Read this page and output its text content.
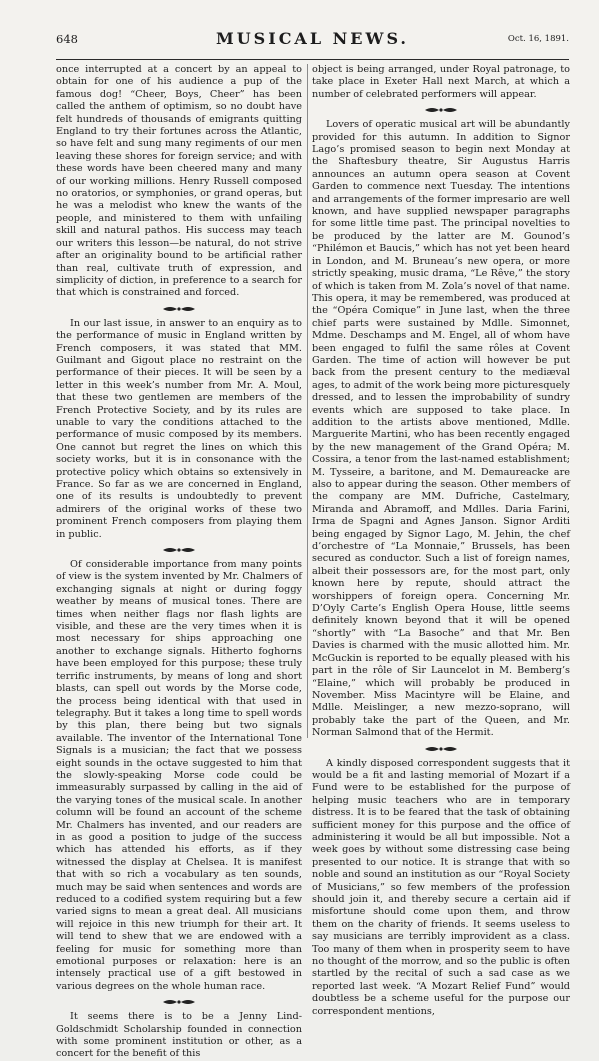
648	MUSICAL NEWS.	Oct. 16, 1891.

once interrupted at a concert by an appeal to obtain for one of his audience a pup of the famous dog! “Cheer, Boys, Cheer” has been called the anthem of optimism, so no doubt have felt hundreds of thousands of emigrants quitting England to try their fortunes across the Atlantic, so have felt and sung many regiments of our men leaving these shores for foreign service; and with these words have been cheered many and many of our working millions. Henry Russell composed no oratorios, or symphonies, or grand operas, but he was a melodist who knew the wants of the people, and ministered to them with unfailing skill and natural pathos. His success may teach our writers this lesson—be natural, do not strive after an originality bound to be artificial rather than real, cultivate truth of expression, and simplicity of diction, in preference to a search for that which is constrained and forced.

In our last issue, in answer to an enquiry as to the performance of music in England written by French composers, it was stated that MM. Guilmant and Gigout place no restraint on the performance of their pieces. It will be seen by a letter in this week’s number from Mr. A. Moul, that these two gentlemen are members of the French Protective Society, and by its rules are unable to vary the conditions attached to the performance of music composed by its members. One cannot but regret the lines on which this society works, but it is in consonance with the protective policy which obtains so extensively in France. So far as we are concerned in England, one of its results is undoubtedly to prevent admirers of the original works of these two prominent French composers from playing them in public.

Of considerable importance from many points of view is the system invented by Mr. Chalmers of exchanging signals at night or during foggy weather by means of musical tones. There are times when neither flags nor flash lights are visible, and these are the very times when it is most necessary for ships approaching one another to exchange signals. Hitherto foghorns have been employed for this purpose; these truly terrific instruments, by means of long and short blasts, can spell out words by the Morse code, the process being identical with that used in telegraphy. But it takes a long time to spell words by this plan, there being but two signals available. The inventor of the International Tone Signals is a musician; the fact that we possess eight sounds in the octave suggested to him that the slowly-speaking Morse code could be immeasurably surpassed by calling in the aid of the varying tones of the musical scale. In another column will be found an account of the scheme Mr. Chalmers has invented, and our readers are in as good a position to judge of the success which has attended his efforts, as if they witnessed the display at Chelsea. It is manifest that with so rich a vocabulary as ten sounds, much may be said when sentences and words are reduced to a codified system requiring but a few varied signs to mean a great deal. All musicians will rejoice in this new triumph for their art. It will tend to shew that we are endowed with a feeling for music for something more than emotional purposes or relaxation: here is an intensely practical use of a gift bestowed in various degrees on the whole human race.

It seems there is to be a Jenny Lind-Goldschmidt Scholarship founded in connection with some prominent institution or other, as a concert for the benefit of this

object is being arranged, under Royal patronage, to take place in Exeter Hall next March, at which a number of celebrated performers will appear.

Lovers of operatic musical art will be abundantly provided for this autumn. In addition to Signor Lago’s promised season to begin next Monday at the Shaftesbury theatre, Sir Augustus Harris announces an autumn opera season at Covent Garden to commence next Tuesday. The intentions and arrangements of the former impresario are well known, and have supplied newspaper paragraphs for some little time past. The principal novelties to be produced by the latter are M. Gounod’s “Philémon et Baucis,” which has not yet been heard in London, and M. Bruneau’s new opera, or more strictly speaking, music drama, “Le Rêve,” the story of which is taken from M. Zola’s novel of that name. This opera, it may be remembered, was produced at the “Opéra Comique” in June last, when the three chief parts were sustained by Mdlle. Simonnet, Mdme. Deschamps and M. Engel, all of whom have been engaged to fulfil the same rôles at Covent Garden. The time of action will however be put back from the present century to the mediæval ages, to admit of the work being more picturesquely dressed, and to lessen the improbability of sundry events which are supposed to take place. In addition to the artists above mentioned, Mdlle. Marguerite Martini, who has been recently engaged by the new management of the Grand Opéra; M. Cossira, a tenor from the last-named establishment; M. Tysseire, a baritone, and M. Demaureacke are also to appear during the season. Other members of the company are MM. Dufriche, Castelmary, Miranda and Abramoff, and Mdlles. Daria Farini, Irma de Spagni and Agnes Janson. Signor Arditi being engaged by Signor Lago, M. Jehin, the chef d’orchestre of “La Monnaie,” Brussels, has been secured as conductor. Such a list of foreign names, albeit their possessors are, for the most part, only known here by repute, should attract the worshippers of foreign opera. Concerning Mr. D’Oyly Carte’s English Opera House, little seems definitely known beyond that it will be opened “shortly” with “La Basoche” and that Mr. Ben Davies is charmed with the music allotted him. Mr. McGuckin is reported to be equally pleased with his part in the rôle of Sir Launcelot in M. Bemberg’s “Elaine,” which will probably be produced in November. Miss Macintyre will be Elaine, and Mdlle. Meislinger, a new mezzo-soprano, will probably take the part of the Queen, and Mr. Norman Salmond that of the Hermit.

A kindly disposed correspondent suggests that it would be a fit and lasting memorial of Mozart if a Fund were to be established for the purpose of helping music teachers who are in temporary distress. It is to be feared that the task of obtaining sufficient money for this purpose and the office of administering it would be all but impossible. Not a week goes by without some distressing case being presented to our notice. It is strange that with so noble and sound an institution as our “Royal Society of Musicians,” so few members of the profession should join it, and thereby secure a certain aid if misfortune should come upon them, and throw them on the charity of friends. It seems useless to say musicians are terribly improvident as a class. Too many of them when in prosperity seem to have no thought of the morrow, and so the public is often startled by the recital of such a sad case as we reported last week. “A Mozart Relief Fund” would doubtless be a scheme useful for the purpose our correspondent mentions,
